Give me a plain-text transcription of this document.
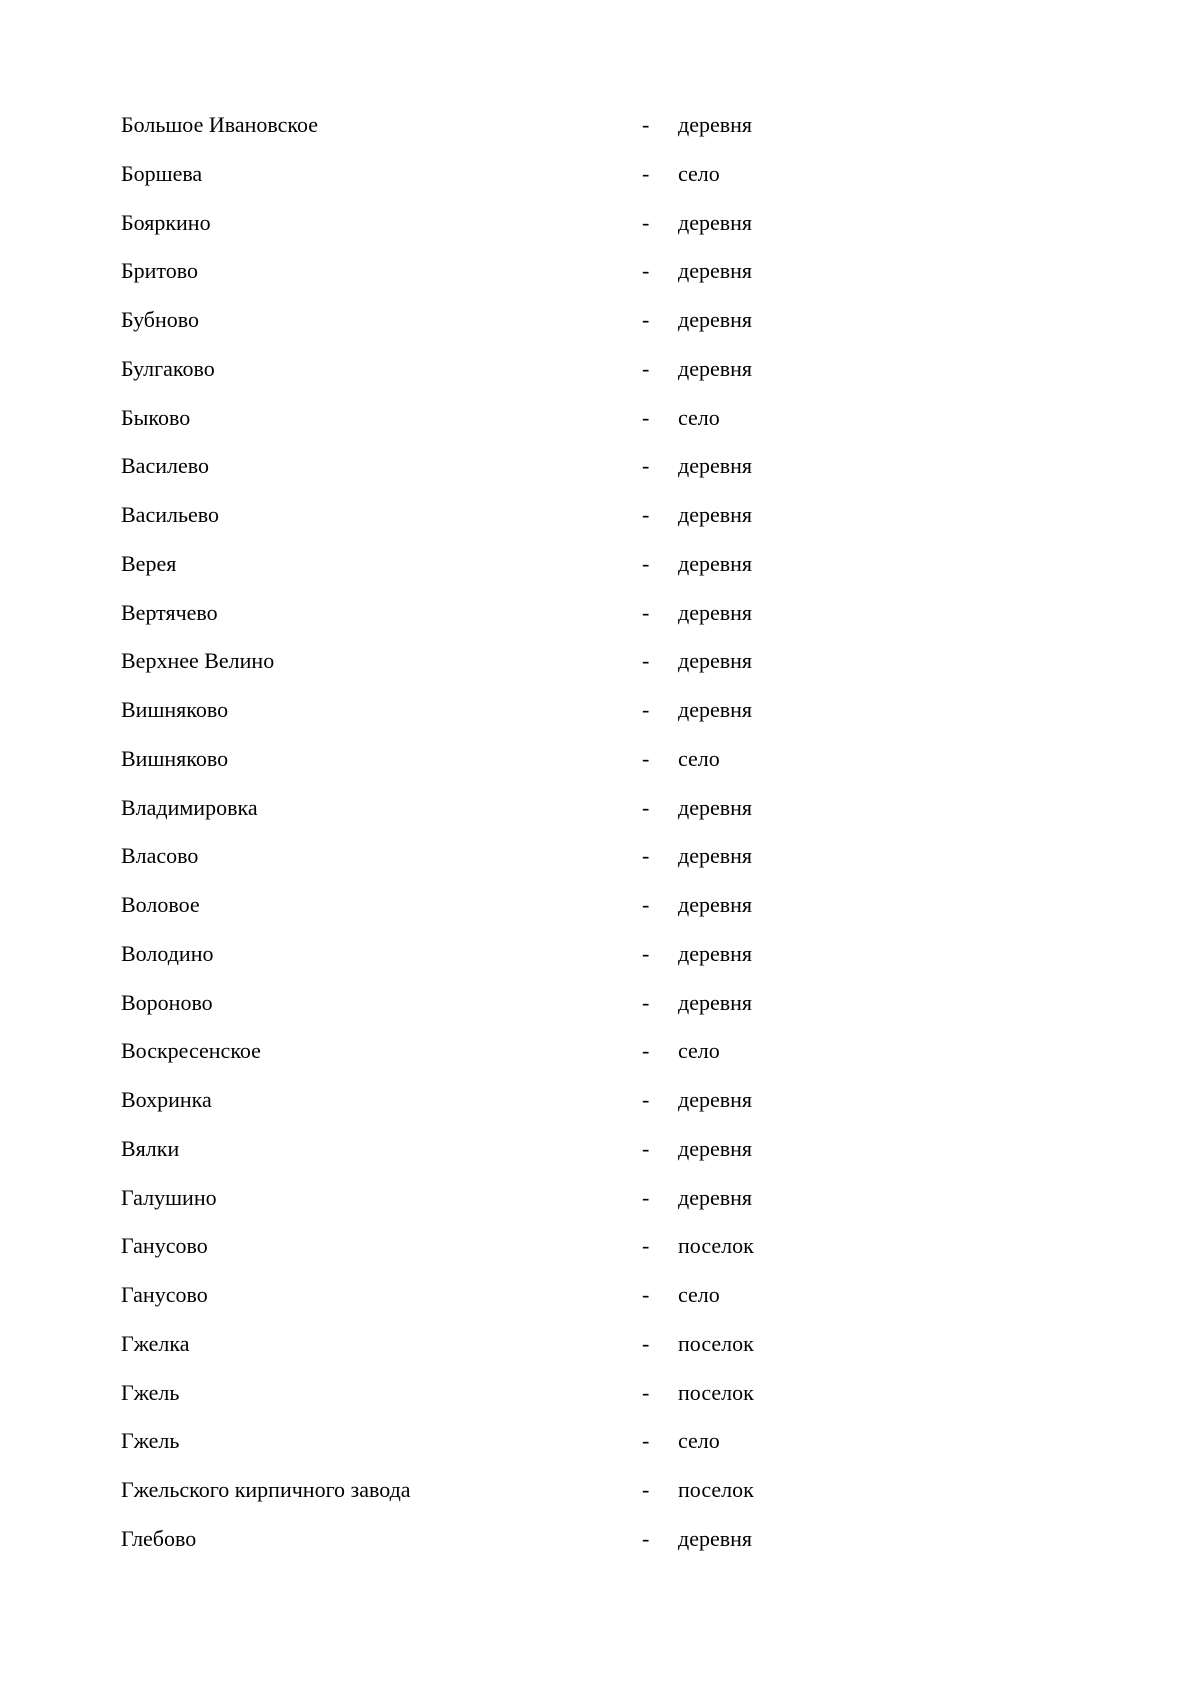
Большое Ивановское	- деревня
Боршева	- село
Бояркино	- деревня
Бритово	- деревня
Бубново	- деревня
Булгаково	- деревня
Быково	- село
Василево	- деревня
Васильево	- деревня
Верея	- деревня
Вертячево	- деревня
Верхнее Велино	- деревня
Вишняково	- деревня
Вишняково	- село
Владимировка	- деревня
Власово	- деревня
Воловое	- деревня
Володино	- деревня
Вороново	- деревня
Воскресенское	- село
Вохринка	- деревня
Вялки	- деревня
Галушино	- деревня
Ганусово	- поселок
Ганусово	- село
Гжелка	- поселок
Гжель	- поселок
Гжель	- село
Гжельского кирпичного завода	- поселок
Глебово	- деревня
